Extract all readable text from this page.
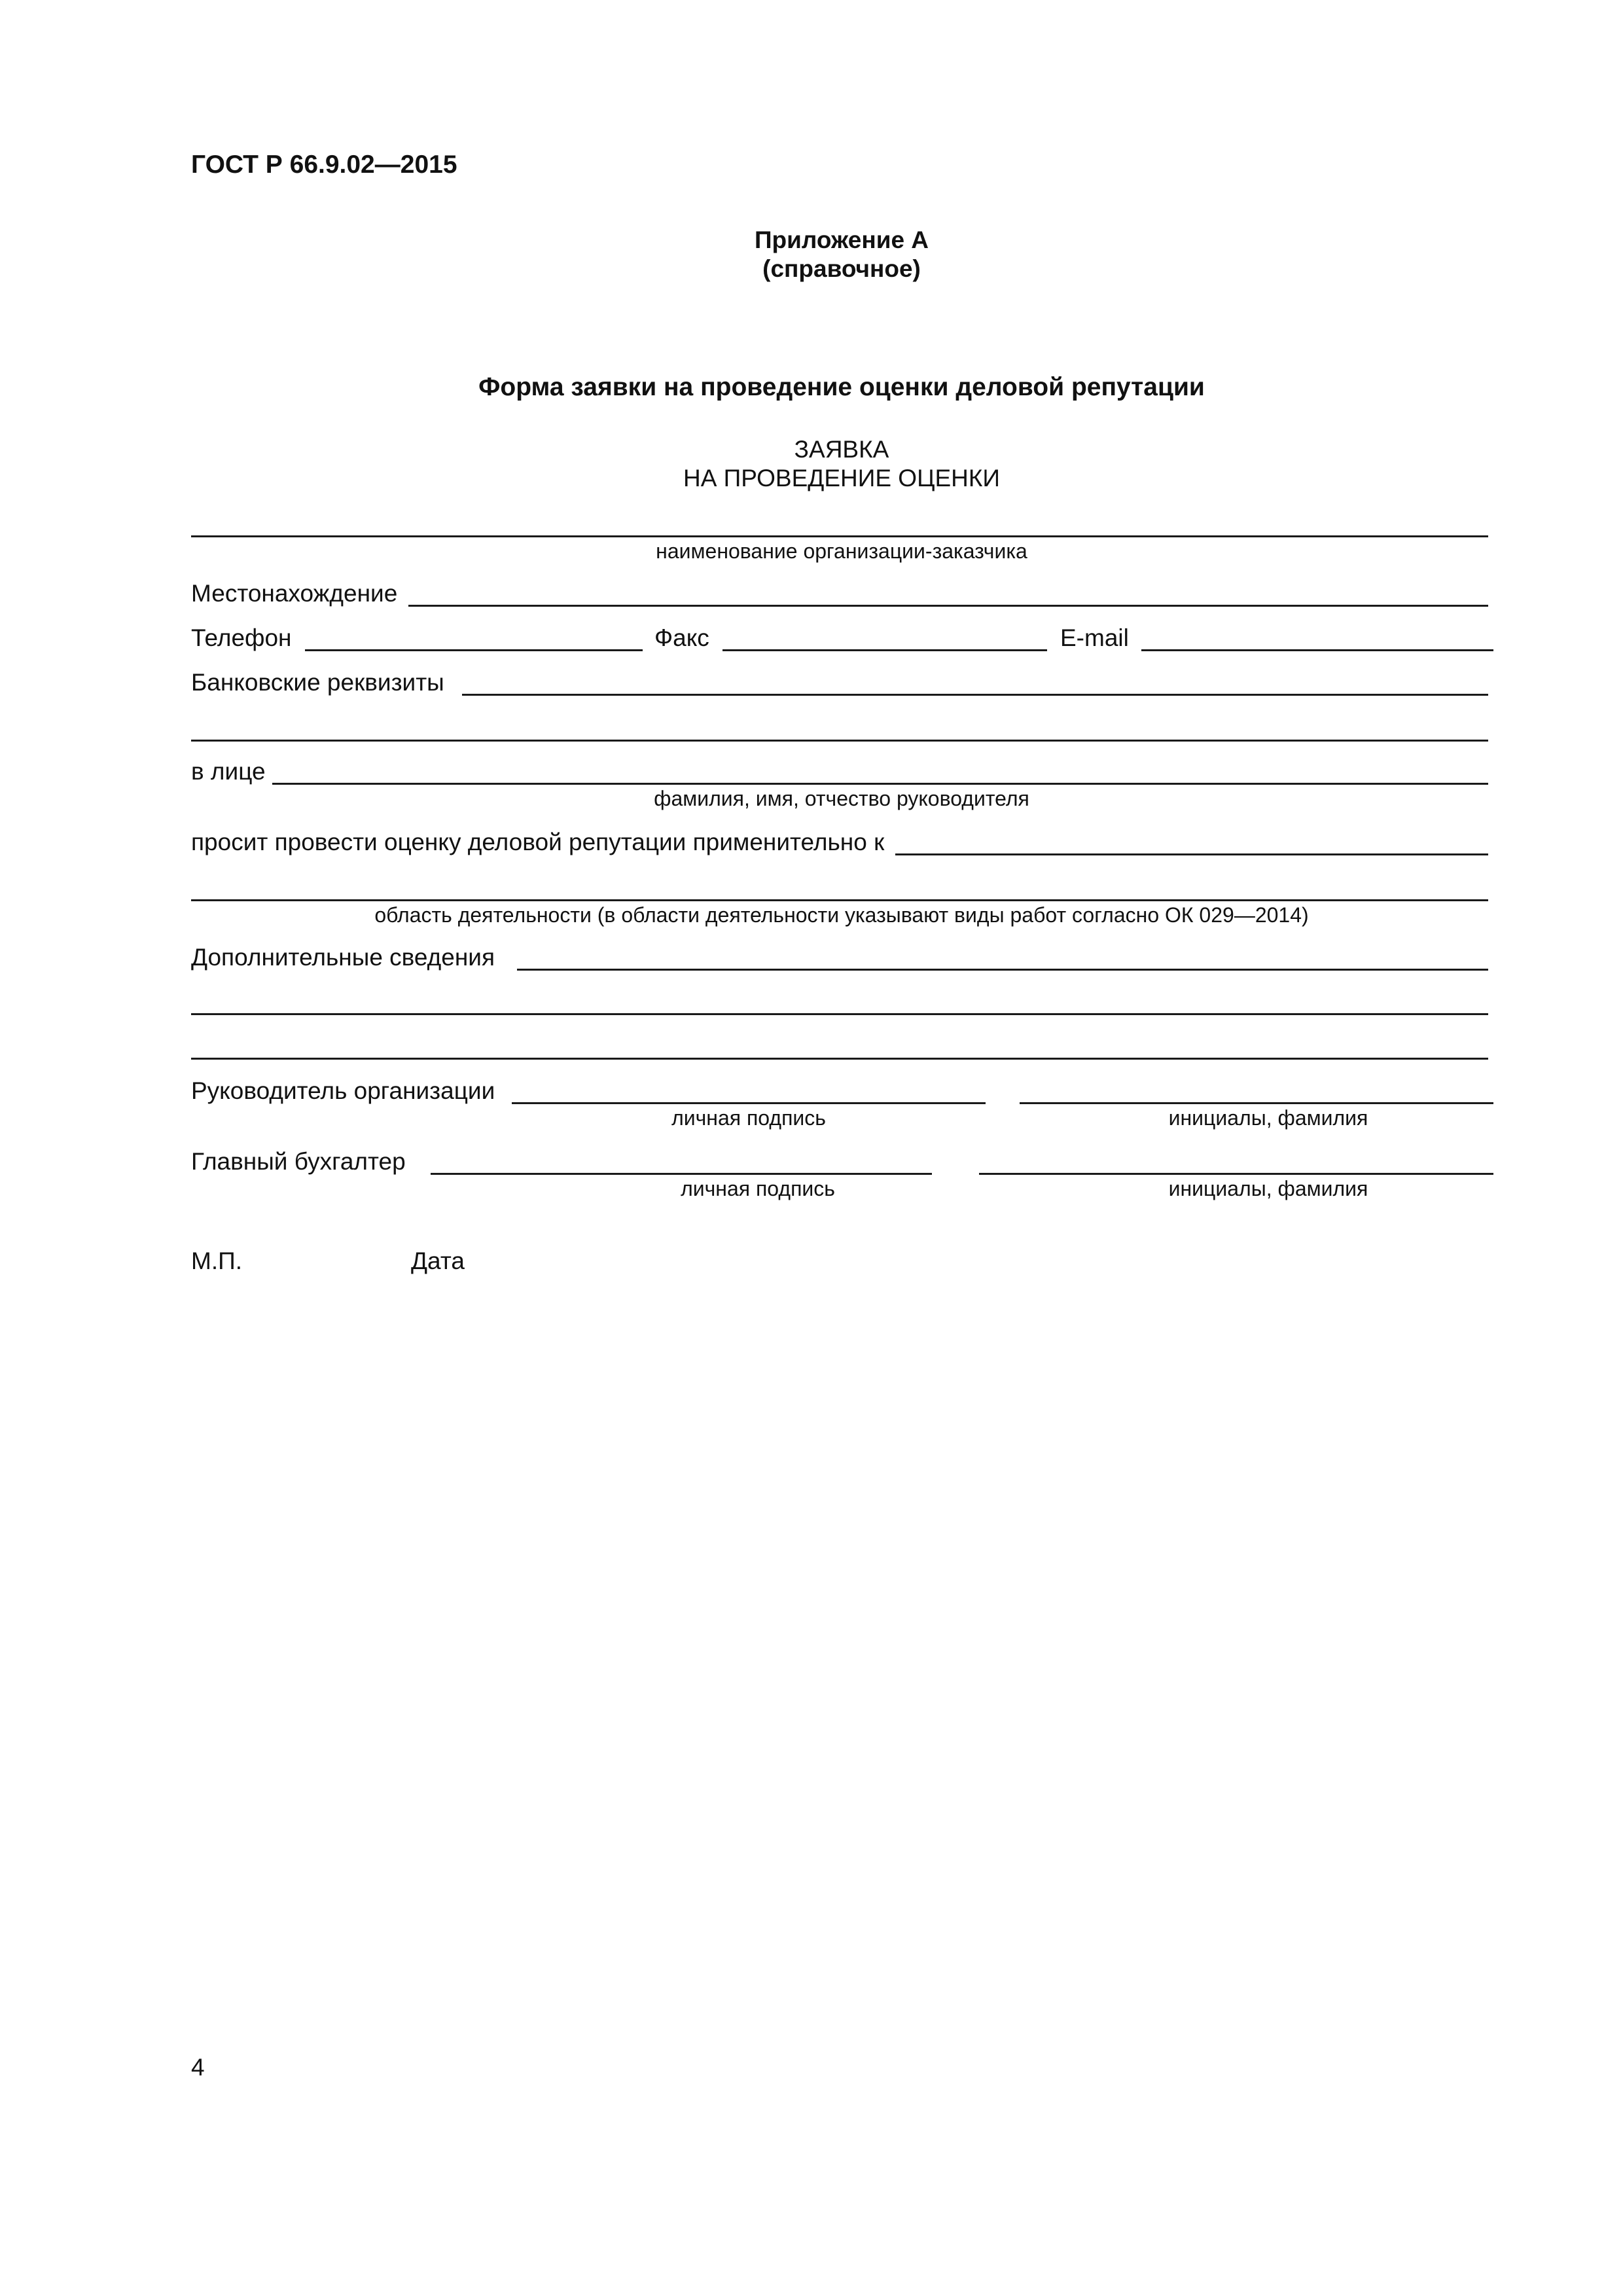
ГОСТ Р 66.9.02—2015
Приложение А
(справочное)
Форма заявки на проведение оценки деловой репутации
ЗАЯВКА
НА ПРОВЕДЕНИЕ ОЦЕНКИ
наименование организации-заказчика
Местонахождение
Телефон	Факс	E-mail
Банковские реквизиты
в лице
фамилия, имя, отчество руководителя
просит провести оценку деловой репутации применительно к
область деятельности (в области деятельности указывают виды работ согласно ОК 029—2014)
Дополнительные сведения
Руководитель организации
личная подпись	инициалы, фамилия
Главный бухгалтер
личная подпись	инициалы, фамилия
М.П.	Дата
4
